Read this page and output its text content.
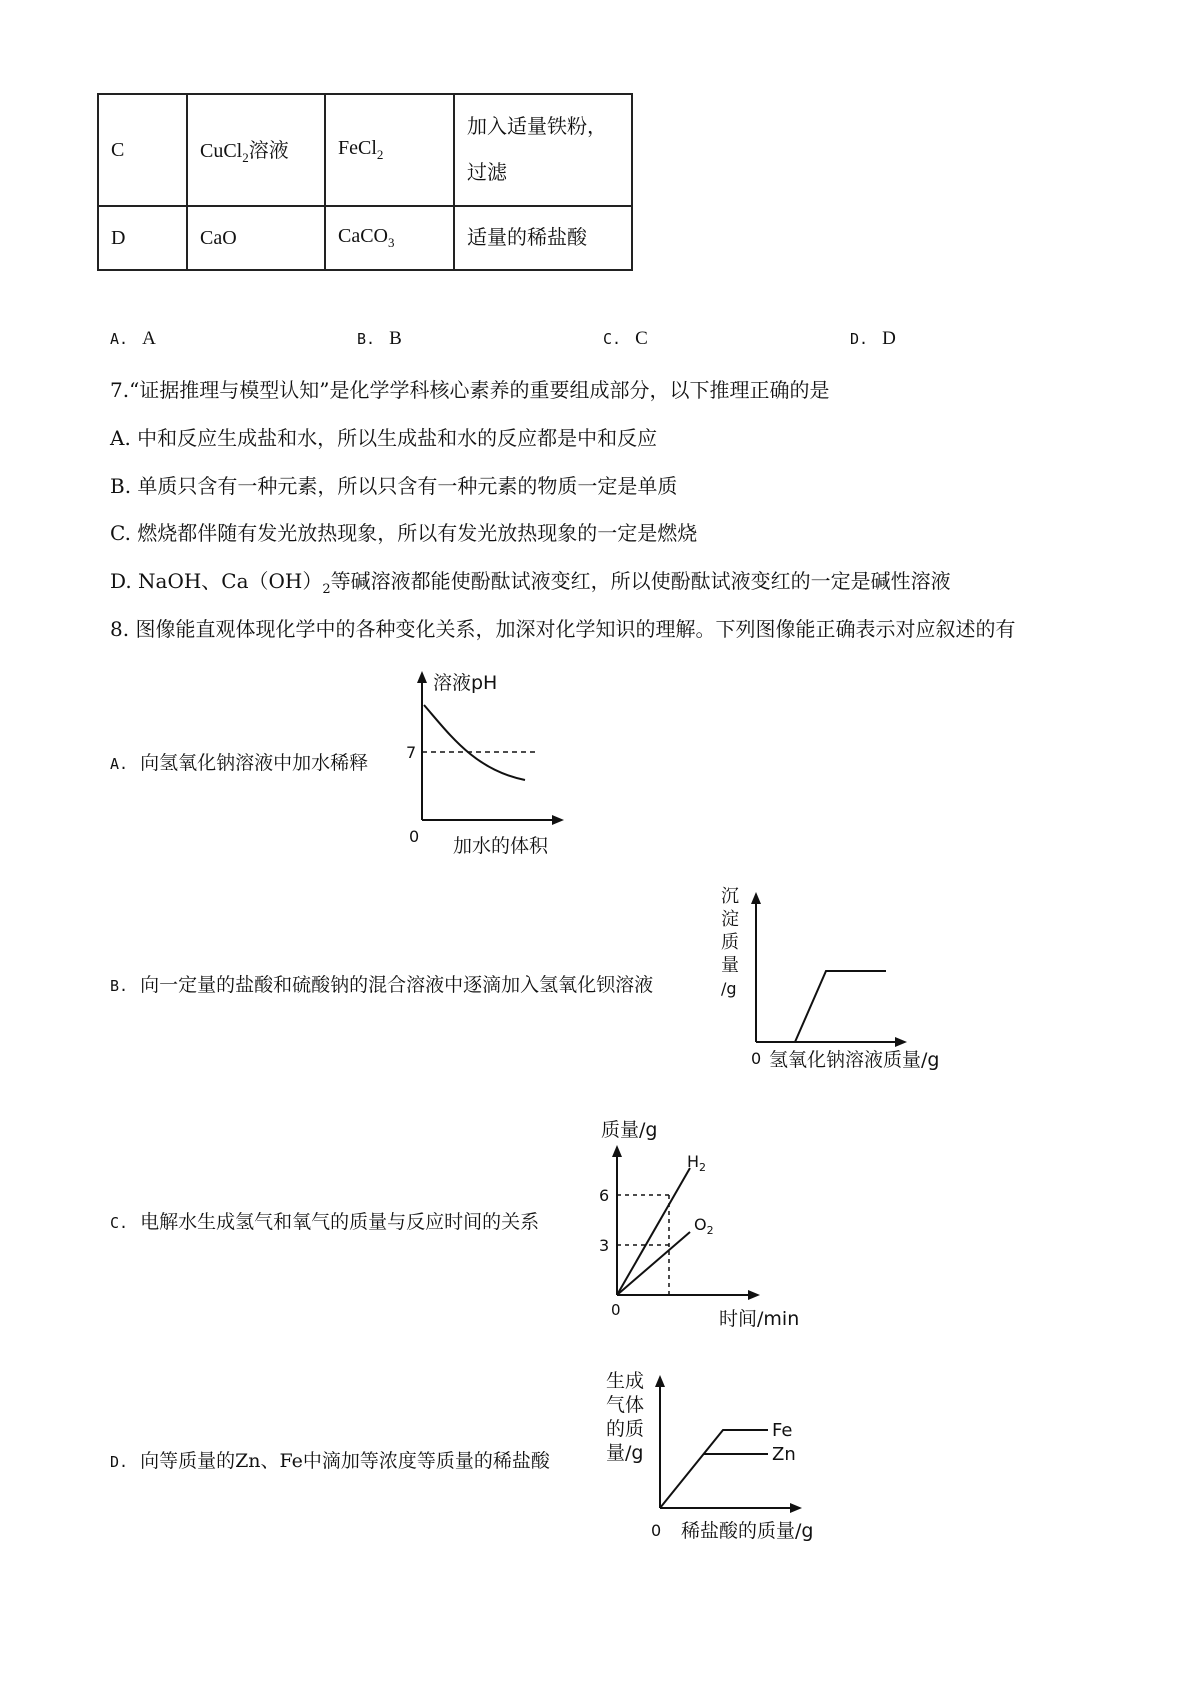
C	CuCl$_2$溶液	FeCl$_2$	加入适量铁粉，过滤
D	CaO	CaCO$_3$	适量的稀盐酸
A. A	B. B	C. C	D. D
7.“证据推理与模型认知”是化学学科核心素养的重要组成部分，以下推理正确的是
A. 中和反应生成盐和水，所以生成盐和水的反应都是中和反应
B. 单质只含有一种元素，所以只含有一种元素的物质一定是单质
C. 燃烧都伴随有发光放热现象，所以有发光放热现象的一定是燃烧
D. NaOH、$Ca(OH)_2$等碱溶液都能使酚酞试液变红，所以使酚酞试液变红的一定是碱性溶液
8. 图像能直观体现化学中的各种变化关系，加深对化学知识的理解。下列图像能正确表示对应叙述的有
A. 向氢氧化钠溶液中加水稀释
B. 向一定量的盐酸和硫酸钠的混合溶液中逐滴加入氢氧化钡溶液
C. 电解水生成氢气和氧气的质量与反应时间的关系
D. 向等质量的Zn、Fe中滴加等浓度等质量的稀盐酸
溶液pH
7
0 加水的体积
沉
淀
质
量
/g
0 氢氧化钠溶液质量/g
质量/g
6
3
$H_2$
$O_2$
0	时间/min
生成
气体
的质
量/g
Fe
Zn
0 稀盐酸的质量/g
